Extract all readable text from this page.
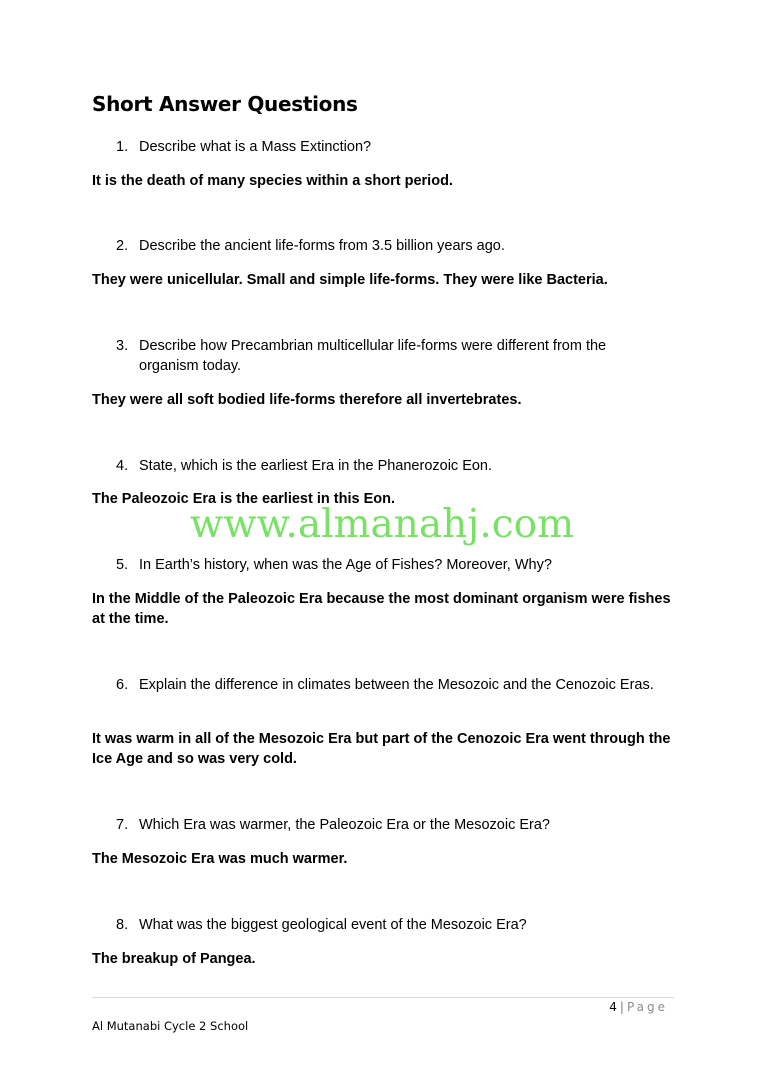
Short Answer Questions
1. Describe what is a Mass Extinction?
It is the death of many species within a short period.
2. Describe the ancient life-forms from 3.5 billion years ago.
They were unicellular. Small and simple life-forms. They were like Bacteria.
3. Describe how Precambrian multicellular life-forms were different from the organism today.
They were all soft bodied life-forms therefore all invertebrates.
4. State, which is the earliest Era in the Phanerozoic Eon.
The Paleozoic Era is the earliest in this Eon.
www.almanahj.com
5. In Earth’s history, when was the Age of Fishes? Moreover, Why?
In the Middle of the Paleozoic Era because the most dominant organism were fishes at the time.
6. Explain the difference in climates between the Mesozoic and the Cenozoic Eras.
It was warm in all of the Mesozoic Era but part of the Cenozoic Era went through the Ice Age and so was very cold.
7. Which Era was warmer, the Paleozoic Era or the Mesozoic Era?
The Mesozoic Era was much warmer.
8. What was the biggest geological event of the Mesozoic Era?
The breakup of Pangea.
4 | Page
Al Mutanabi Cycle 2 School
